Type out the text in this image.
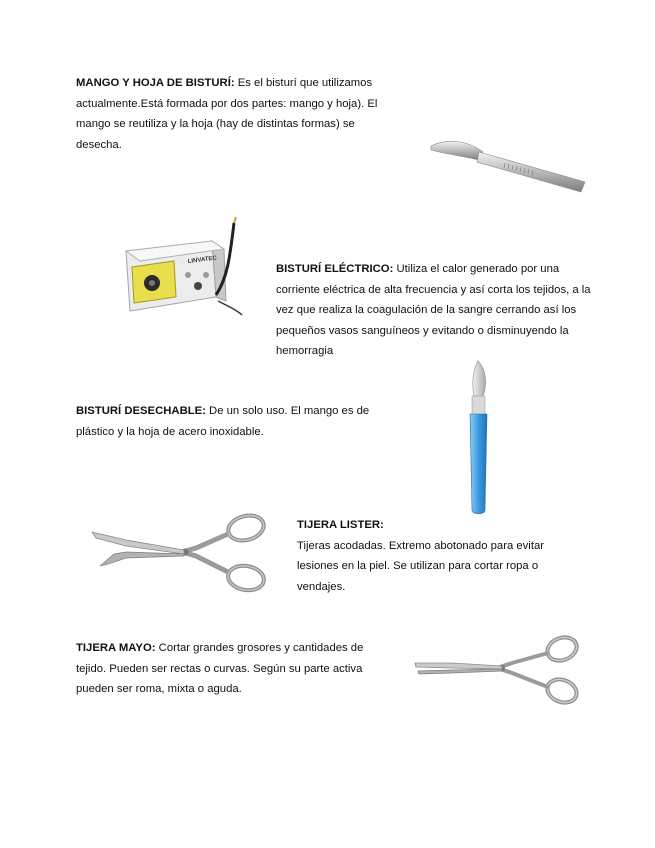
MANGO Y HOJA DE BISTURÍ: Es el bisturí que utilizamos actualmente.Está formada por dos partes: mango y hoja). El mango se reutiliza y la hoja (hay de distintas formas) se desecha.
LINVATEC
BISTURÍ ELÉCTRICO: Utiliza el calor generado por una corriente eléctrica de alta frecuencia y así corta los tejidos, a la vez que realiza la coagulación de la sangre cerrando así los pequeños vasos sanguíneos y evitando o disminuyendo la hemorragia
BISTURÍ DESECHABLE: De un solo uso. El mango es de plástico y la hoja de acero inoxidable.
TIJERA LISTER:
Tijeras acodadas. Extremo abotonado para evitar lesiones en la piel. Se utilizan para cortar ropa o vendajes.
TIJERA MAYO: Cortar grandes grosores y cantidades de tejido. Pueden ser rectas o curvas. Según su parte activa pueden ser roma, mixta o aguda.
